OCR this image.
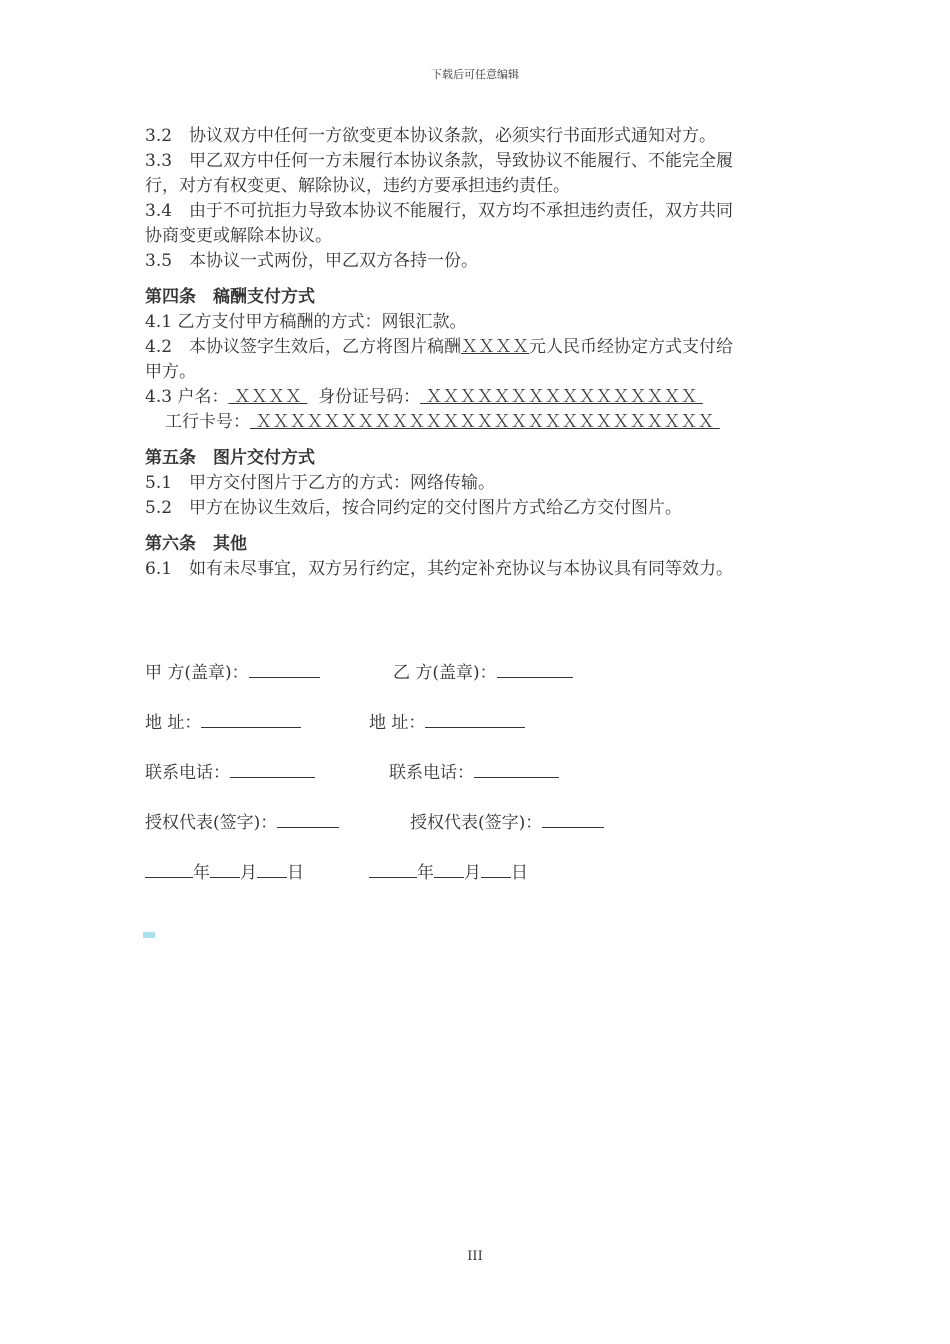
下载后可任意编辑

3.2　协议双方中任何一方欲变更本协议条款，必须实行书面形式通知对方。

3.3　甲乙双方中任何一方未履行本协议条款，导致协议不能履行、不能完全履

行，对方有权变更、解除协议，违约方要承担违约责任。

3.4　由于不可抗拒力导致本协议不能履行，双方均不承担违约责任，双方共同

协商变更或解除本协议。

3.5　本协议一式两份，甲乙双方各持一份。

第四条　稿酬支付方式

4.1 乙方支付甲方稿酬的方式：网银汇款。

4.2　本协议签字生效后，乙方将图片稿酬ＸＸＸＸ元人民币经协定方式支付给

甲方。

4.3 户名： ＸＸＸＸ   身份证号码： ＸＸＸＸＸＸＸＸＸＸＸＸＸＸＸＸ

工行卡号： ＸＸＸＸＸＸＸＸＸＸＸＸＸＸＸＸＸＸＸＸＸＸＸＸＸＸＸ

第五条　图片交付方式

5.1　甲方交付图片于乙方的方式：网络传输。

5.2　甲方在协议生效后，按合同约定的交付图片方式给乙方交付图片。

第六条　其他

6.1　如有未尽事宜，双方另行约定，其约定补充协议与本协议具有同等效力。

甲 方(盖章)：	乙 方(盖章)：
地 址：	地 址：
联系电话：	联系电话：
授权代表(签字)：	授权代表(签字)：
年 月 日	年 月 日
III
